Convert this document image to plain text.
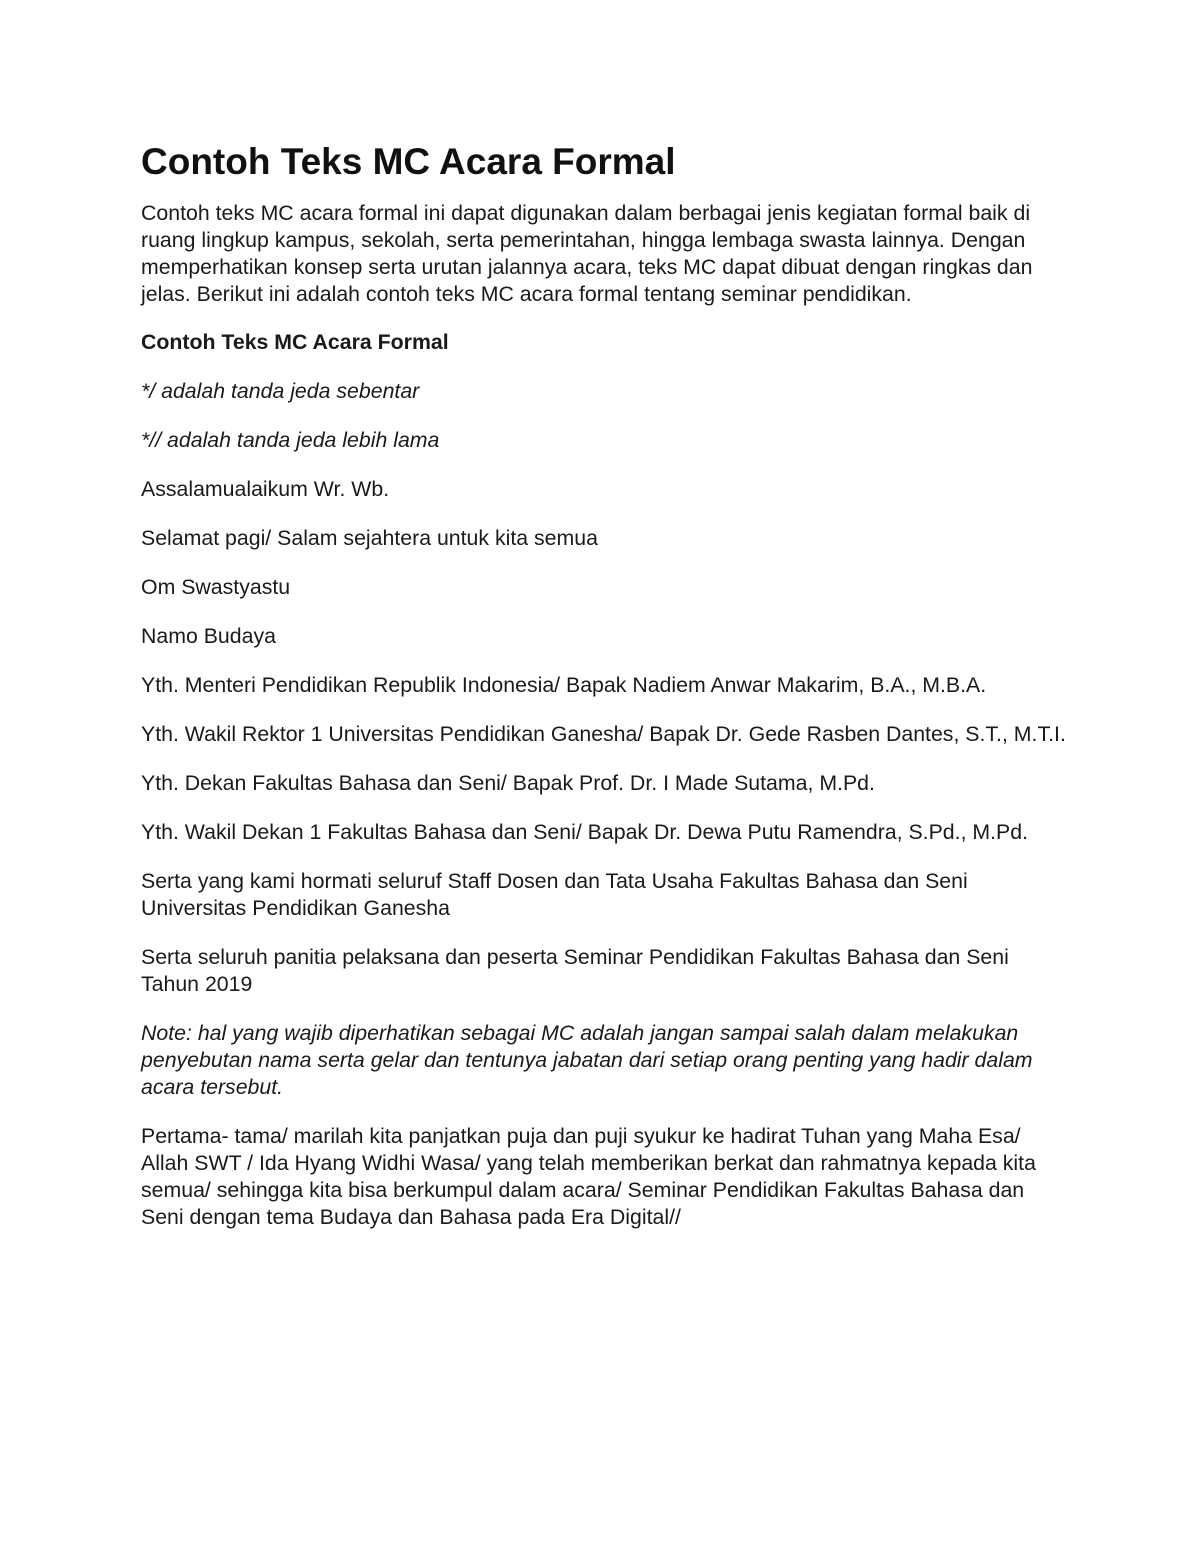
Contoh Teks MC Acara Formal

Contoh teks MC acara formal ini dapat digunakan dalam berbagai jenis kegiatan formal baik di ruang lingkup kampus, sekolah, serta pemerintahan, hingga lembaga swasta lainnya. Dengan memperhatikan konsep serta urutan jalannya acara, teks MC dapat dibuat dengan ringkas dan jelas. Berikut ini adalah contoh teks MC acara formal tentang seminar pendidikan.

Contoh Teks MC Acara Formal

*/ adalah tanda jeda sebentar

*// adalah tanda jeda lebih lama

Assalamualaikum Wr. Wb.

Selamat pagi/ Salam sejahtera untuk kita semua

Om Swastyastu

Namo Budaya

Yth. Menteri Pendidikan Republik Indonesia/ Bapak Nadiem Anwar Makarim, B.A., M.B.A.

Yth. Wakil Rektor 1 Universitas Pendidikan Ganesha/ Bapak Dr. Gede Rasben Dantes, S.T., M.T.I.

Yth. Dekan Fakultas Bahasa dan Seni/ Bapak Prof. Dr. I Made Sutama, M.Pd.

Yth. Wakil Dekan 1 Fakultas Bahasa dan Seni/ Bapak Dr. Dewa Putu Ramendra, S.Pd., M.Pd.

Serta yang kami hormati seluruf Staff Dosen dan Tata Usaha Fakultas Bahasa dan Seni Universitas Pendidikan Ganesha

Serta seluruh panitia pelaksana dan peserta Seminar Pendidikan Fakultas Bahasa dan Seni Tahun 2019

Note: hal yang wajib diperhatikan sebagai MC adalah jangan sampai salah dalam melakukan penyebutan nama serta gelar dan tentunya jabatan dari setiap orang penting yang hadir dalam acara tersebut.

Pertama- tama/ marilah kita panjatkan puja dan puji syukur ke hadirat Tuhan yang Maha Esa/ Allah SWT / Ida Hyang Widhi Wasa/ yang telah memberikan berkat dan rahmatnya kepada kita semua/ sehingga kita bisa berkumpul dalam acara/ Seminar Pendidikan Fakultas Bahasa dan Seni dengan tema Budaya dan Bahasa pada Era Digital//
